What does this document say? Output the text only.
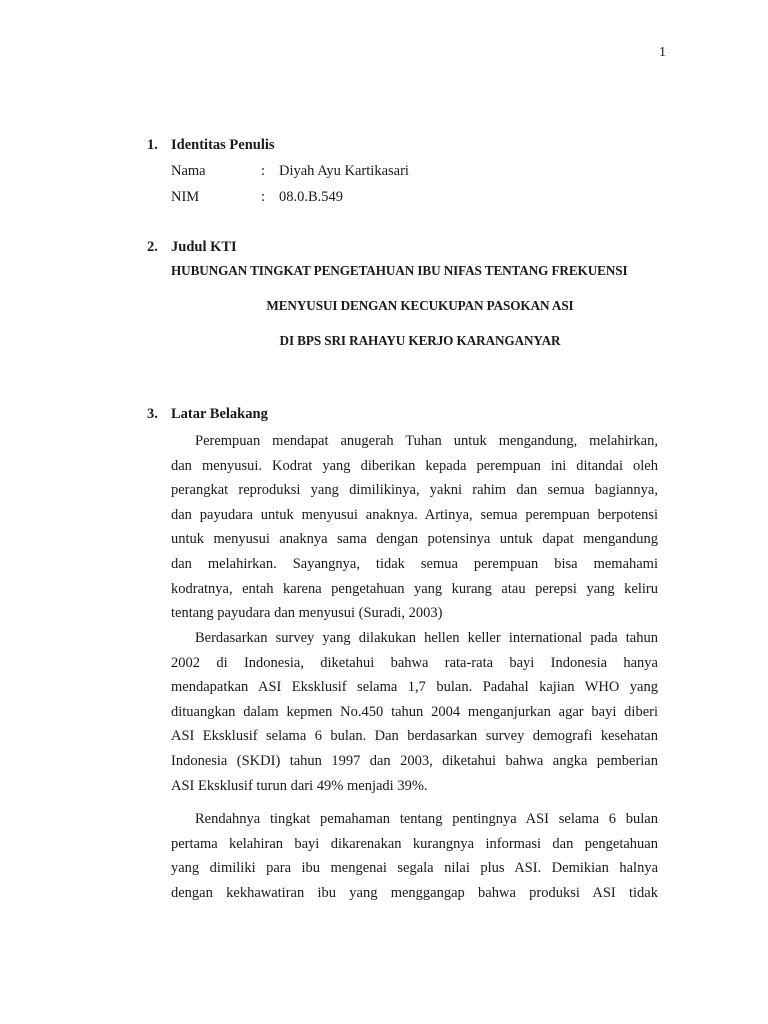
1
1. Identitas Penulis
Nama	: Diyah Ayu Kartikasari
NIM	: 08.0.B.549
2. Judul KTI
HUBUNGAN TINGKAT PENGETAHUAN IBU NIFAS TENTANG FREKUENSI
MENYUSUI DENGAN KECUKUPAN PASOKAN ASI
DI BPS SRI RAHAYU KERJO KARANGANYAR
3. Latar Belakang
Perempuan mendapat anugerah Tuhan untuk mengandung, melahirkan,
dan menyusui. Kodrat yang diberikan kepada perempuan ini ditandai oleh
perangkat reproduksi yang dimilikinya, yakni rahim dan semua bagiannya,
dan payudara untuk menyusui anaknya. Artinya, semua perempuan berpotensi
untuk menyusui anaknya sama dengan potensinya untuk dapat mengandung
dan melahirkan. Sayangnya, tidak semua perempuan bisa memahami
kodratnya, entah karena pengetahuan yang kurang atau perepsi yang keliru
tentang payudara dan menyusui (Suradi, 2003)
Berdasarkan survey yang dilakukan hellen keller international pada tahun
2002 di Indonesia, diketahui bahwa rata-rata bayi Indonesia hanya
mendapatkan ASI Eksklusif selama 1,7 bulan. Padahal kajian WHO yang
dituangkan dalam kepmen No.450 tahun 2004 menganjurkan agar bayi diberi
ASI Eksklusif selama 6 bulan. Dan berdasarkan survey demografi kesehatan
Indonesia (SKDI) tahun 1997 dan 2003, diketahui bahwa angka pemberian
ASI Eksklusif turun dari 49% menjadi 39%.
Rendahnya tingkat pemahaman tentang pentingnya ASI selama 6 bulan
pertama kelahiran bayi dikarenakan kurangnya informasi dan pengetahuan
yang dimiliki para ibu mengenai segala nilai plus ASI. Demikian halnya
dengan kekhawatiran ibu yang menggangap bahwa produksi ASI tidak
